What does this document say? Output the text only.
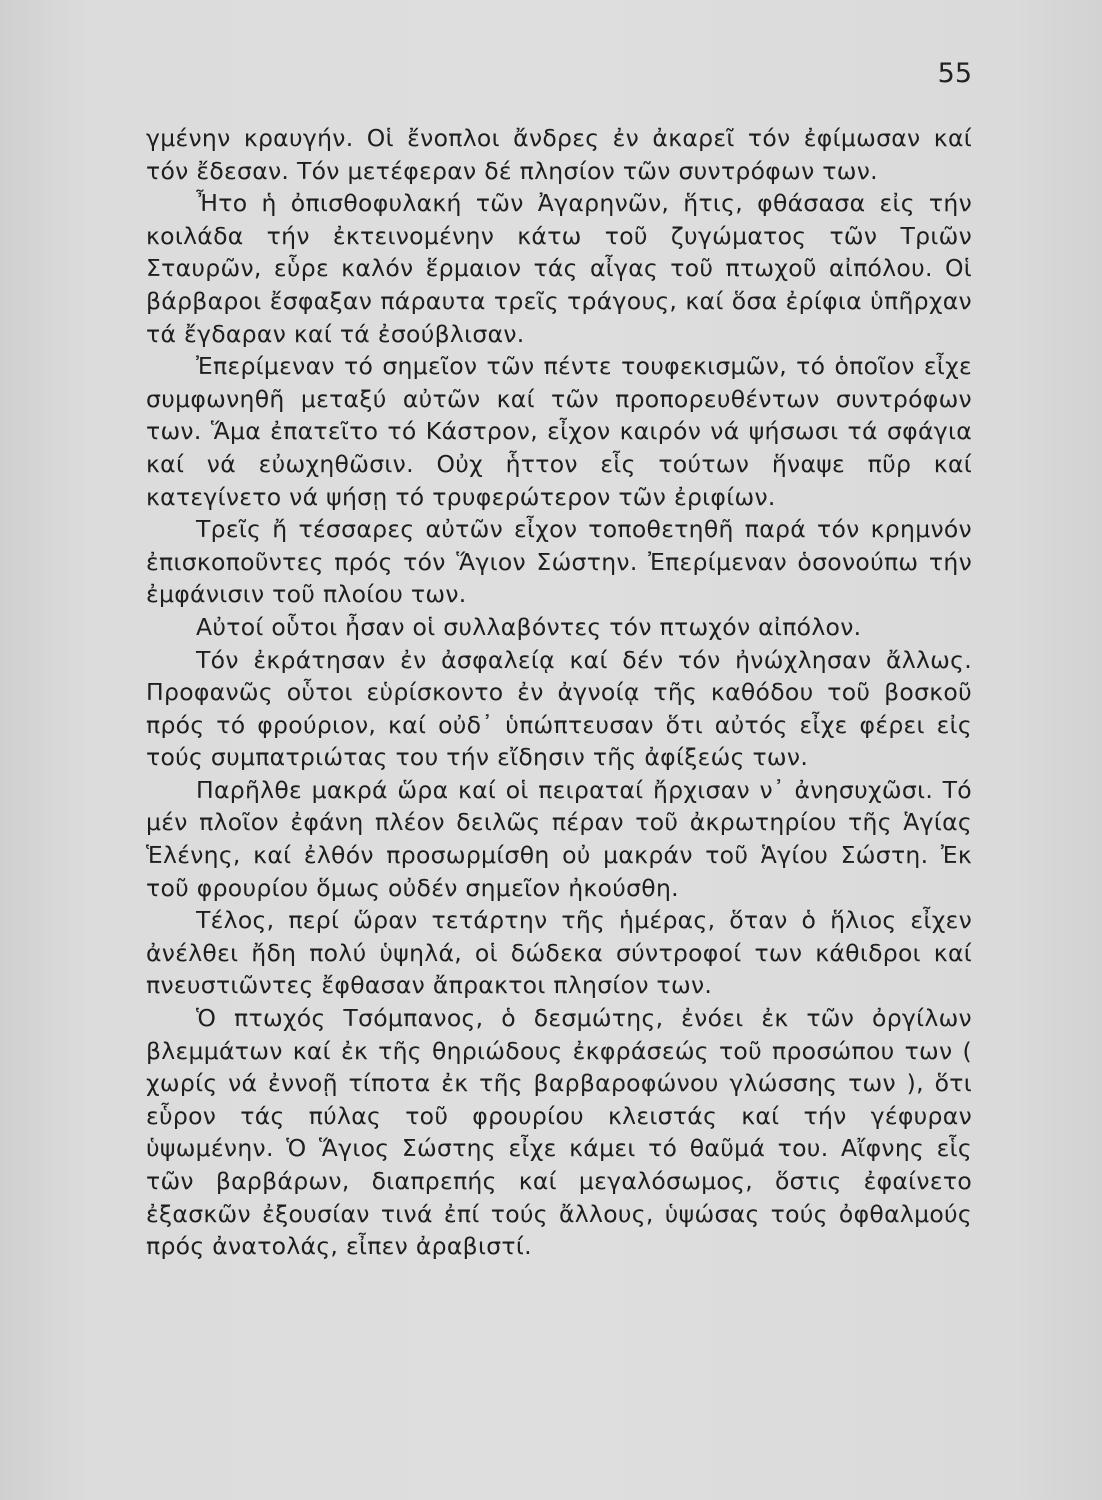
55

γμένην κραυγήν. Οἱ ἔνοπλοι ἄνδρες ἐν ἀκαρεῖ τόν ἐφίμωσαν καί τόν ἔδεσαν. Τόν μετέφεραν δέ πλησίον τῶν συντρόφων των.

Ἦτο ἡ ὀπισθοφυλακή τῶν Ἀγαρηνῶν, ἥτις, φθάσασα εἰς τήν κοιλάδα τήν ἐκτεινομένην κάτω τοῦ ζυγώματος τῶν Τριῶν Σταυρῶν, εὗρε καλόν ἕρμαιον τάς αἶγας τοῦ πτωχοῦ αἰπόλου. Οἱ βάρβαροι ἔσφαξαν πάραυτα τρεῖς τράγους, καί ὅσα ἐρίφια ὑπῆρχαν τά ἔγδαραν καί τά ἐσούβλισαν.

Ἐπερίμεναν τό σημεῖον τῶν πέντε τουφεκισμῶν, τό ὁποῖον εἶχε συμφωνηθῆ μεταξύ αὐτῶν καί τῶν προπορευθέντων συντρόφων των. Ἅμα ἐπατεῖτο τό Κάστρον, εἶχον καιρόν νά ψήσωσι τά σφάγια καί νά εὐωχηθῶσιν. Οὐχ ἧττον εἷς τούτων ἥναψε πῦρ καί κατεγίνετο νά ψήσῃ τό τρυφερώτερον τῶν ἐριφίων.

Τρεῖς ἤ τέσσαρες αὐτῶν εἶχον τοποθετηθῆ παρά τόν κρημνόν ἐπισκοποῦντες πρός τόν Ἅγιον Σώστην. Ἐπερίμεναν ὁσονούπω τήν ἐμφάνισιν τοῦ πλοίου των.

Αὐτοί οὗτοι ἦσαν οἱ συλλαβόντες τόν πτωχόν αἰπόλον.

Τόν ἐκράτησαν ἐν ἀσφαλείᾳ καί δέν τόν ἠνώχλησαν ἄλλως. Προφανῶς οὗτοι εὑρίσκοντο ἐν ἀγνοίᾳ τῆς καθόδου τοῦ βοσκοῦ πρός τό φρούριον, καί οὐδ᾽ ὑπώπτευσαν ὅτι αὐτός εἶχε φέρει εἰς τούς συμπατριώτας του τήν εἴδησιν τῆς ἀφίξεώς των.

Παρῆλθε μακρά ὥρα καί οἱ πειραταί ἤρχισαν ν᾽ ἀνησυχῶσι. Τό μέν πλοῖον ἐφάνη πλέον δειλῶς πέραν τοῦ ἀκρωτηρίου τῆς Ἁγίας Ἑλένης, καί ἐλθόν προσωρμίσθη οὐ μακράν τοῦ Ἁγίου Σώστη. Ἐκ τοῦ φρουρίου ὅμως οὐδέν σημεῖον ἠκούσθη.

Τέλος, περί ὥραν τετάρτην τῆς ἡμέρας, ὅταν ὁ ἥλιος εἶχεν ἀνέλθει ἤδη πολύ ὑψηλά, οἱ δώδεκα σύντροφοί των κάθιδροι καί πνευστιῶντες ἔφθασαν ἄπρακτοι πλησίον των.

Ὁ πτωχός Τσόμπανος, ὁ δεσμώτης, ἐνόει ἐκ τῶν ὀργίλων βλεμμάτων καί ἐκ τῆς θηριώδους ἐκφράσεώς τοῦ προσώπου των ( χωρίς νά ἐννοῇ τίποτα ἐκ τῆς βαρβαροφώνου γλώσσης των ), ὅτι εὗρον τάς πύλας τοῦ φρουρίου κλειστάς καί τήν γέφυραν ὑψωμένην. Ὁ Ἅγιος Σώστης εἶχε κάμει τό θαῦμά του. Αἴφνης εἷς τῶν βαρβάρων, διαπρεπής καί μεγαλόσωμος, ὅστις ἐφαίνετο ἐξασκῶν ἐξουσίαν τινά ἐπί τούς ἄλλους, ὑψώσας τούς ὀφθαλμούς πρός ἀνατολάς, εἶπεν ἀραβιστί.
